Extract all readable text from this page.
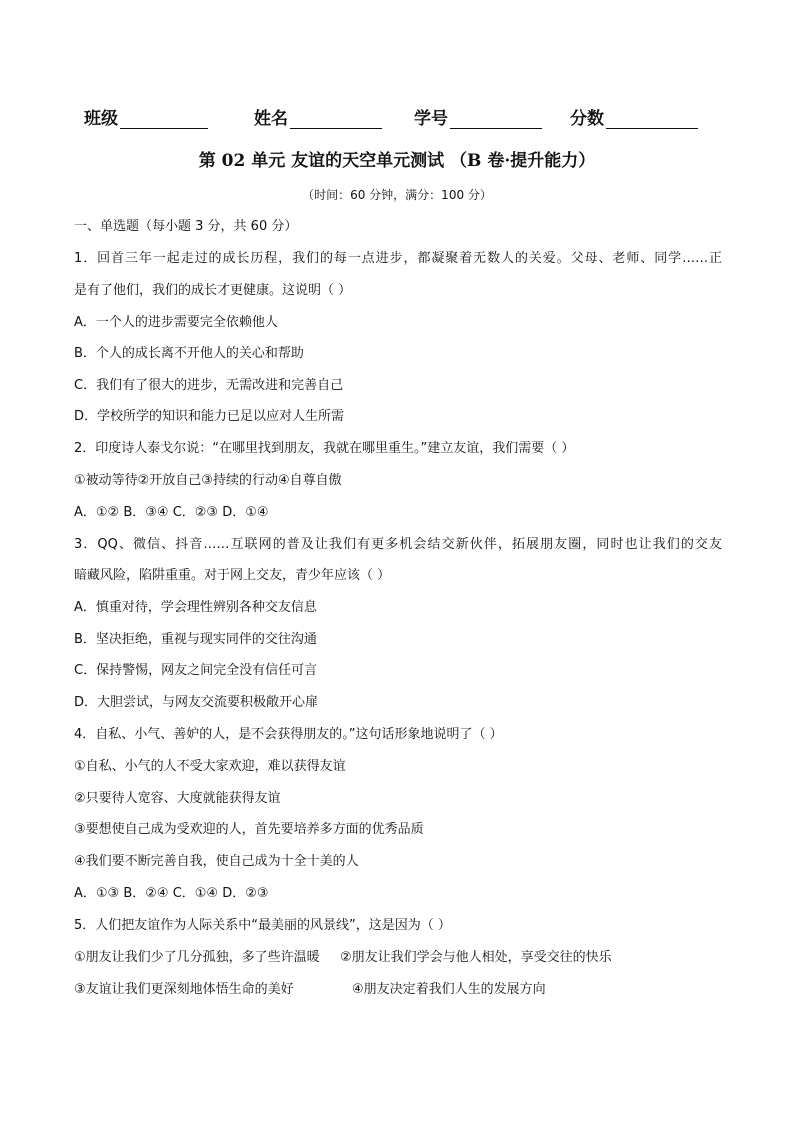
班级	姓名	学号	分数
第 02 单元 友谊的天空单元测试 （B 卷·提升能力）
（时间：60 分钟，满分：100 分）
一、单选题（每小题 3 分，共 60 分）
1．回首三年一起走过的成长历程，我们的每一点进步，都凝聚着无数人的关爱。父母、老师、同学……正
是有了他们，我们的成长才更健康。这说明（ ）
A．一个人的进步需要完全依赖他人
B．个人的成长离不开他人的关心和帮助
C．我们有了很大的进步，无需改进和完善自己
D．学校所学的知识和能力已足以应对人生所需
2．印度诗人泰戈尔说：“在哪里找到朋友，我就在哪里重生。”建立友谊，我们需要（ ）
①被动等待②开放自己③持续的行动④自尊自傲
A．①② B．③④ C．②③ D．①④
3．QQ、微信、抖音……互联网的普及让我们有更多机会结交新伙伴，拓展朋友圈，同时也让我们的交友
暗藏风险，陷阱重重。对于网上交友，青少年应该（ ）
A．慎重对待，学会理性辨别各种交友信息
B．坚决拒绝，重视与现实同伴的交往沟通
C．保持警惕，网友之间完全没有信任可言
D．大胆尝试，与网友交流要积极敞开心扉
4．自私、小气、善妒的人，是不会获得朋友的。”这句话形象地说明了（ ）
①自私、小气的人不受大家欢迎，难以获得友谊
②只要待人宽容、大度就能获得友谊
③要想使自己成为受欢迎的人，首先要培养多方面的优秀品质
④我们要不断完善自我，使自己成为十全十美的人
A．①③ B．②④ C．①④ D．②③
5．人们把友谊作为人际关系中“最美丽的风景线”，这是因为（ ）
①朋友让我们少了几分孤独，多了些许温暖 ②朋友让我们学会与他人相处，享受交往的快乐
③友谊让我们更深刻地体悟生命的美好	④朋友决定着我们人生的发展方向
